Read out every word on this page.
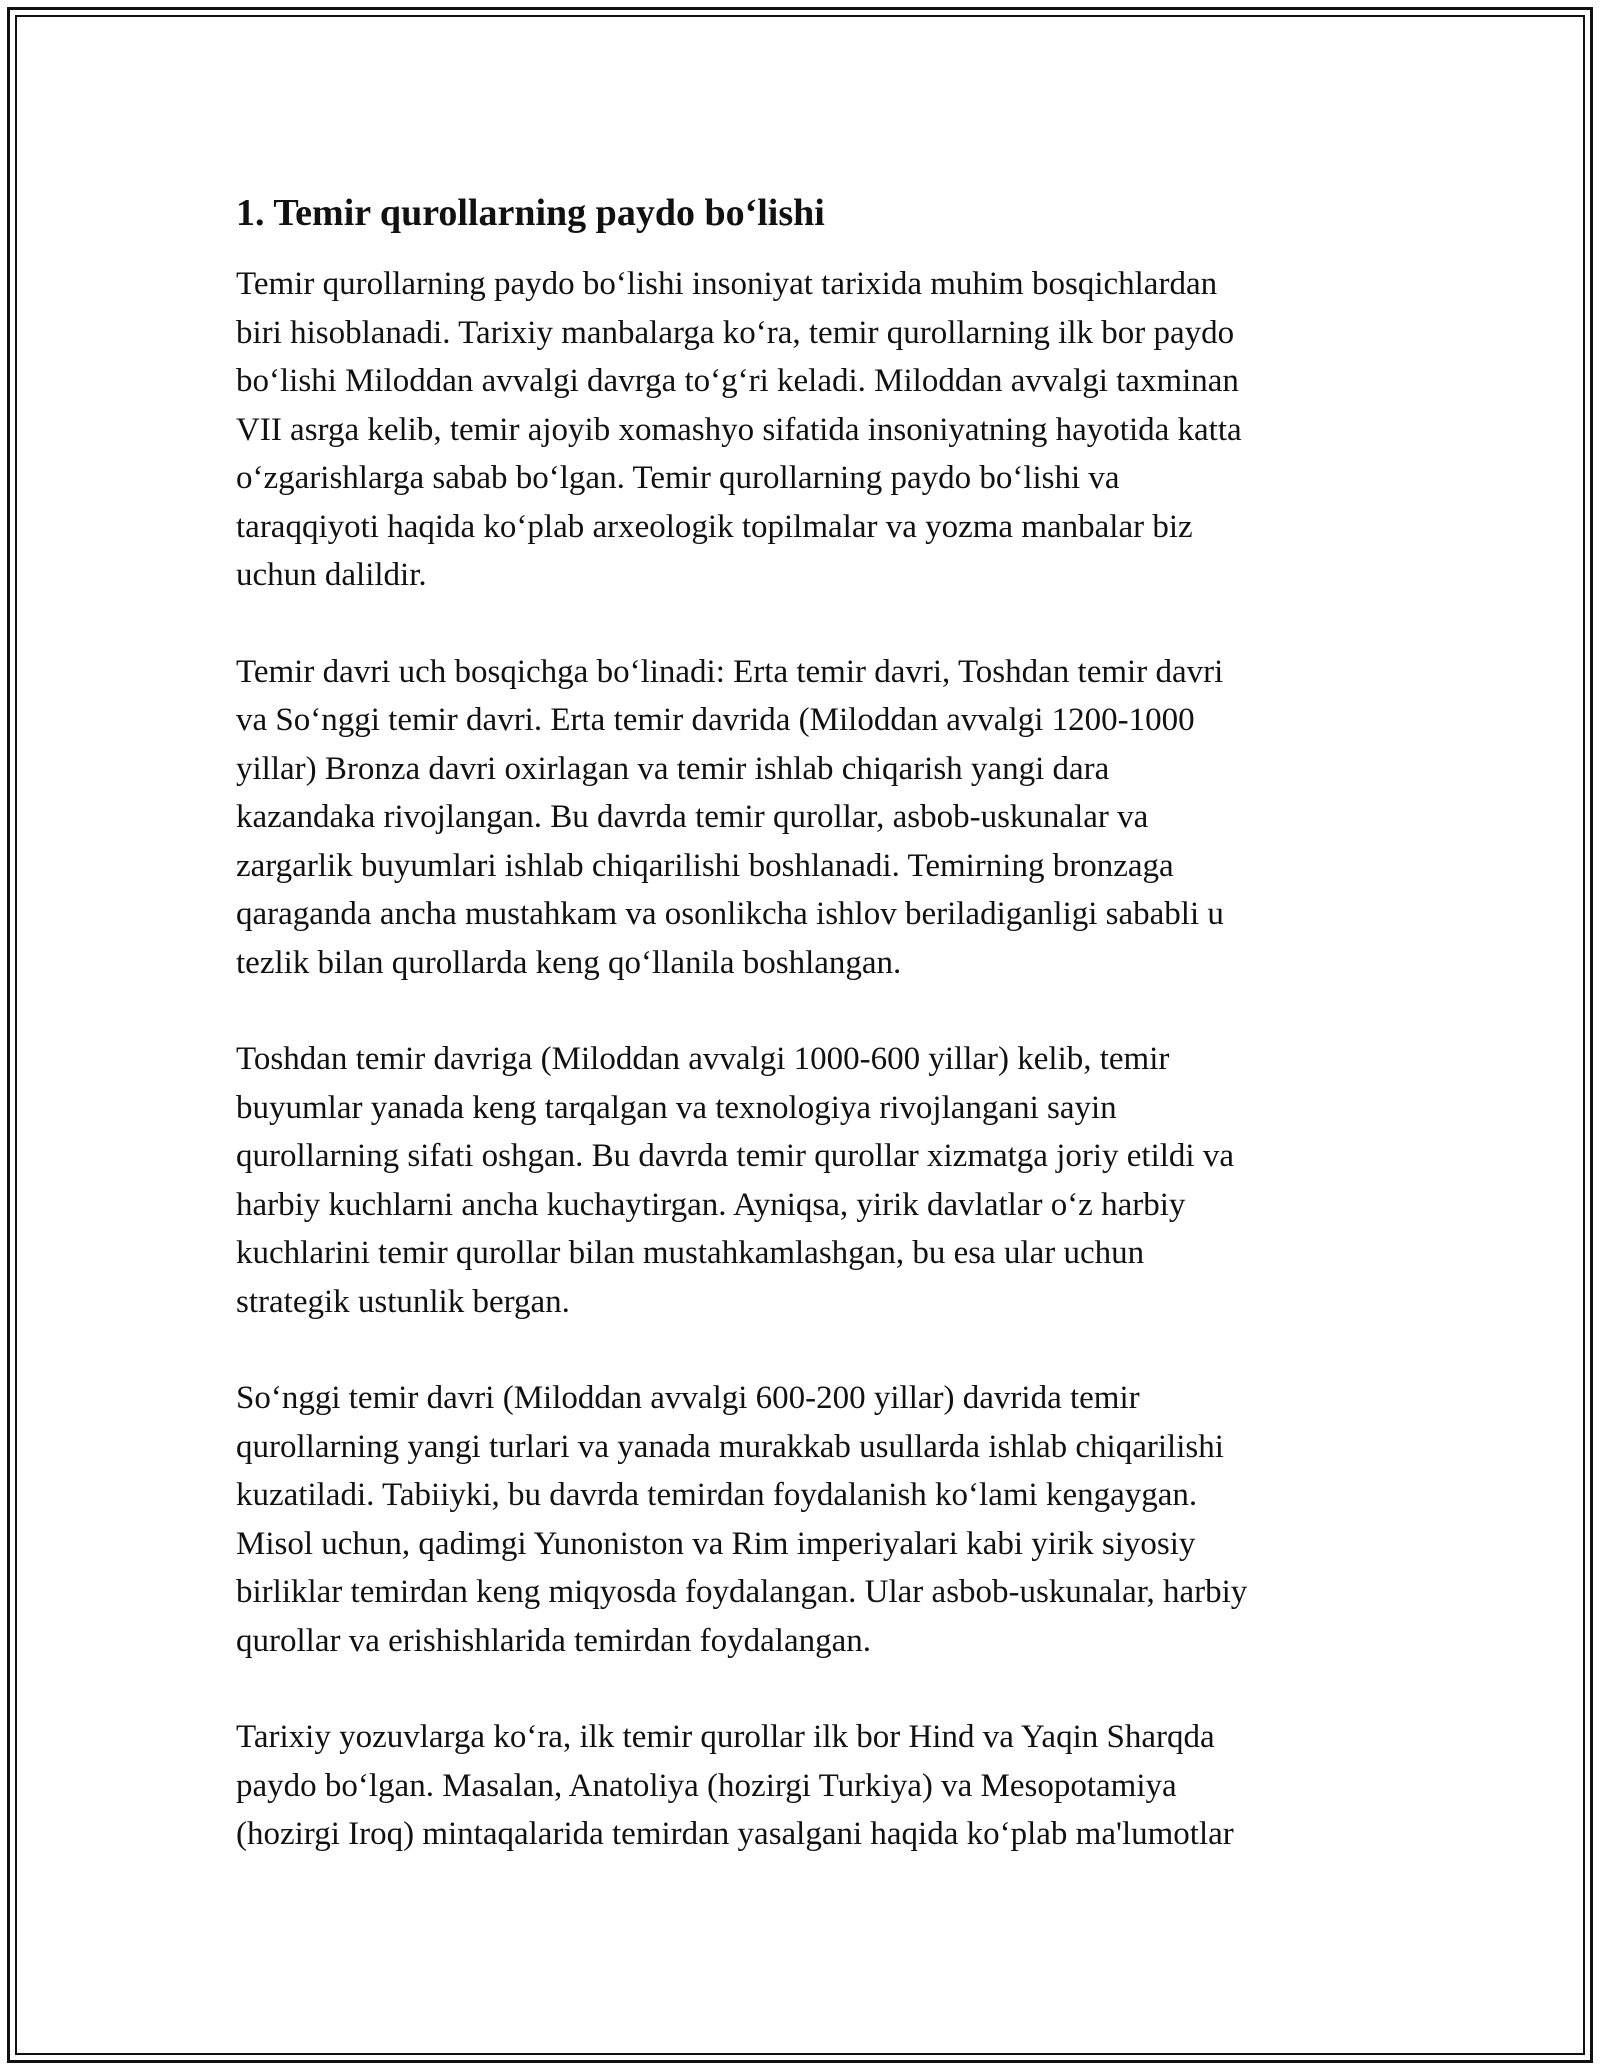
1. Temir qurollarning paydo bo‘lishi
Temir qurollarning paydo bo‘lishi insoniyat tarixida muhim bosqichlardan
biri hisoblanadi. Tarixiy manbalarga ko‘ra, temir qurollarning ilk bor paydo
bo‘lishi Miloddan avvalgi davrga to‘g‘ri keladi. Miloddan avvalgi taxminan
VII asrga kelib, temir ajoyib xomashyo sifatida insoniyatning hayotida katta
o‘zgarishlarga sabab bo‘lgan. Temir qurollarning paydo bo‘lishi va
taraqqiyoti haqida ko‘plab arxeologik topilmalar va yozma manbalar biz
uchun dalildir.
Temir davri uch bosqichga bo‘linadi: Erta temir davri, Toshdan temir davri
va So‘nggi temir davri. Erta temir davrida (Miloddan avvalgi 1200-1000
yillar) Bronza davri oxirlagan va temir ishlab chiqarish yangi dara
kazandaka rivojlangan. Bu davrda temir qurollar, asbob-uskunalar va
zargarlik buyumlari ishlab chiqarilishi boshlanadi. Temirning bronzaga
qaraganda ancha mustahkam va osonlikcha ishlov beriladiganligi sababli u
tezlik bilan qurollarda keng qo‘llanila boshlangan.
Toshdan temir davriga (Miloddan avvalgi 1000-600 yillar) kelib, temir
buyumlar yanada keng tarqalgan va texnologiya rivojlangani sayin
qurollarning sifati oshgan. Bu davrda temir qurollar xizmatga joriy etildi va
harbiy kuchlarni ancha kuchaytirgan. Ayniqsa, yirik davlatlar o‘z harbiy
kuchlarini temir qurollar bilan mustahkamlashgan, bu esa ular uchun
strategik ustunlik bergan.
So‘nggi temir davri (Miloddan avvalgi 600-200 yillar) davrida temir
qurollarning yangi turlari va yanada murakkab usullarda ishlab chiqarilishi
kuzatiladi. Tabiiyki, bu davrda temirdan foydalanish ko‘lami kengaygan.
Misol uchun, qadimgi Yunoniston va Rim imperiyalari kabi yirik siyosiy
birliklar temirdan keng miqyosda foydalangan. Ular asbob-uskunalar, harbiy
qurollar va erishishlarida temirdan foydalangan.
Tarixiy yozuvlarga ko‘ra, ilk temir qurollar ilk bor Hind va Yaqin Sharqda
paydo bo‘lgan. Masalan, Anatoliya (hozirgi Turkiya) va Mesopotamiya
(hozirgi Iroq) mintaqalarida temirdan yasalgani haqida ko‘plab ma'lumotlar
